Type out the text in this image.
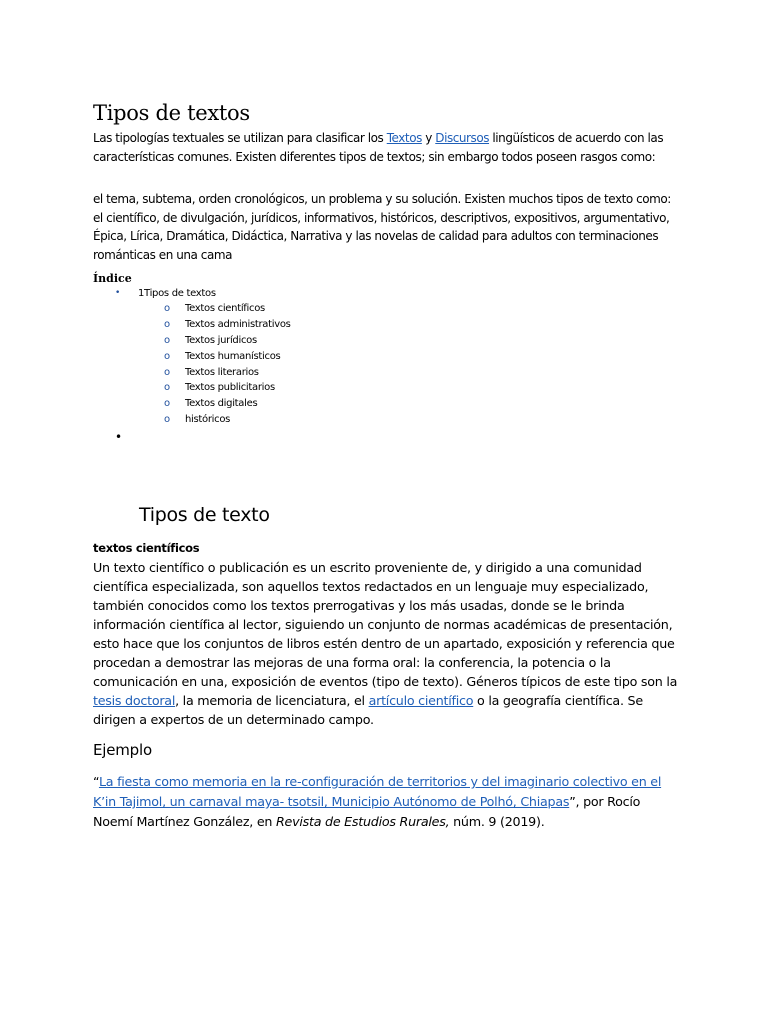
Tipos de textos

Las tipologías textuales se utilizan para clasificar los Textos y Discursos lingüísticos de acuerdo con las características comunes. Existen diferentes tipos de textos; sin embargo todos poseen rasgos como:

el tema, subtema, orden cronológicos, un problema y su solución. Existen muchos tipos de texto como: el científico, de divulgación, jurídicos, informativos, históricos, descriptivos, expositivos, argumentativo, Épica, Lírica, Dramática, Didáctica, Narrativa y las novelas de calidad para adultos con terminaciones románticas en una cama

Índice

• 1Tipos de textos
o Textos científicos
o Textos administrativos
o Textos jurídicos
o Textos humanísticos
o Textos literarios
o Textos publicitarios
o Textos digitales
o históricos
•
Tipos de texto

textos científicos

Un texto científico o publicación es un escrito proveniente de, y dirigido a una comunidad científica especializada, son aquellos textos redactados en un lenguaje muy especializado, también conocidos como los textos prerrogativas y los más usadas, donde se le brinda información científica al lector, siguiendo un conjunto de normas académicas de presentación, esto hace que los conjuntos de libros estén dentro de un apartado, exposición y referencia que procedan a demostrar las mejoras de una forma oral: la conferencia, la potencia o la comunicación en una, exposición de eventos (tipo de texto). Géneros típicos de este tipo son la tesis doctoral, la memoria de licenciatura, el artículo científico o la geografía científica. Se dirigen a expertos de un determinado campo.

Ejemplo

“La fiesta como memoria en la re-configuración de territorios y del imaginario colectivo en el K’in Tajimol, un carnaval maya- tsotsil, Municipio Autónomo de Polhó, Chiapas”, por Rocío Noemí Martínez González, en Revista de Estudios Rurales, núm. 9 (2019).
